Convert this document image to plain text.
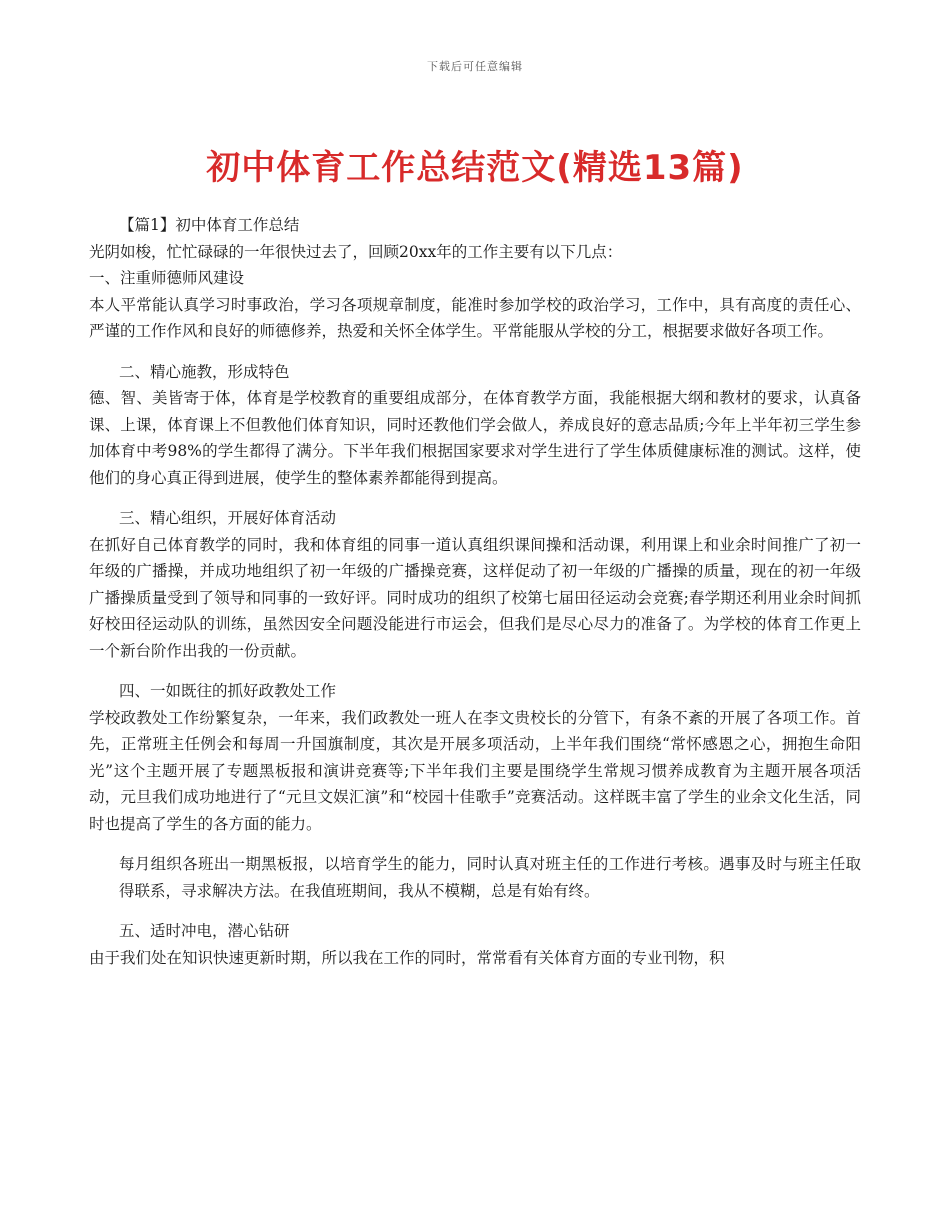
下载后可任意编辑
初中体育工作总结范文(精选13篇)

【篇1】初中体育工作总结

光阴如梭，忙忙碌碌的一年很快过去了，回顾20xx年的工作主要有以下几点：

一、注重师德师风建设

本人平常能认真学习时事政治，学习各项规章制度，能准时参加学校的政治学习，工作中，具有高度的责任心、严谨的工作作风和良好的师德修养，热爱和关怀全体学生。平常能服从学校的分工，根据要求做好各项工作。

二、精心施教，形成特色

德、智、美皆寄于体，体育是学校教育的重要组成部分，在体育教学方面，我能根据大纲和教材的要求，认真备课、上课，体育课上不但教他们体育知识，同时还教他们学会做人，养成良好的意志品质;今年上半年初三学生参加体育中考98%的学生都得了满分。下半年我们根据国家要求对学生进行了学生体质健康标准的测试。这样，使他们的身心真正得到进展，使学生的整体素养都能得到提高。

三、精心组织，开展好体育活动

在抓好自己体育教学的同时，我和体育组的同事一道认真组织课间操和活动课，利用课上和业余时间推广了初一年级的广播操，并成功地组织了初一年级的广播操竞赛，这样促动了初一年级的广播操的质量，现在的初一年级广播操质量受到了领导和同事的一致好评。同时成功的组织了校第七届田径运动会竞赛;春学期还利用业余时间抓好校田径运动队的训练，虽然因安全问题没能进行市运会，但我们是尽心尽力的准备了。为学校的体育工作更上一个新台阶作出我的一份贡献。

四、一如既往的抓好政教处工作

学校政教处工作纷繁复杂，一年来，我们政教处一班人在李文贵校长的分管下，有条不紊的开展了各项工作。首先，正常班主任例会和每周一升国旗制度，其次是开展多项活动，上半年我们围绕“常怀感恩之心，拥抱生命阳光”这个主题开展了专题黑板报和演讲竞赛等;下半年我们主要是围绕学生常规习惯养成教育为主题开展各项活动，元旦我们成功地进行了“元旦文娱汇演”和“校园十佳歌手”竞赛活动。这样既丰富了学生的业余文化生活，同时也提高了学生的各方面的能力。

每月组织各班出一期黑板报，以培育学生的能力，同时认真对班主任的工作进行考核。遇事及时与班主任取得联系，寻求解决方法。在我值班期间，我从不模糊，总是有始有终。

五、适时冲电，潜心钻研

由于我们处在知识快速更新时期，所以我在工作的同时，常常看有关体育方面的专业刊物，积
